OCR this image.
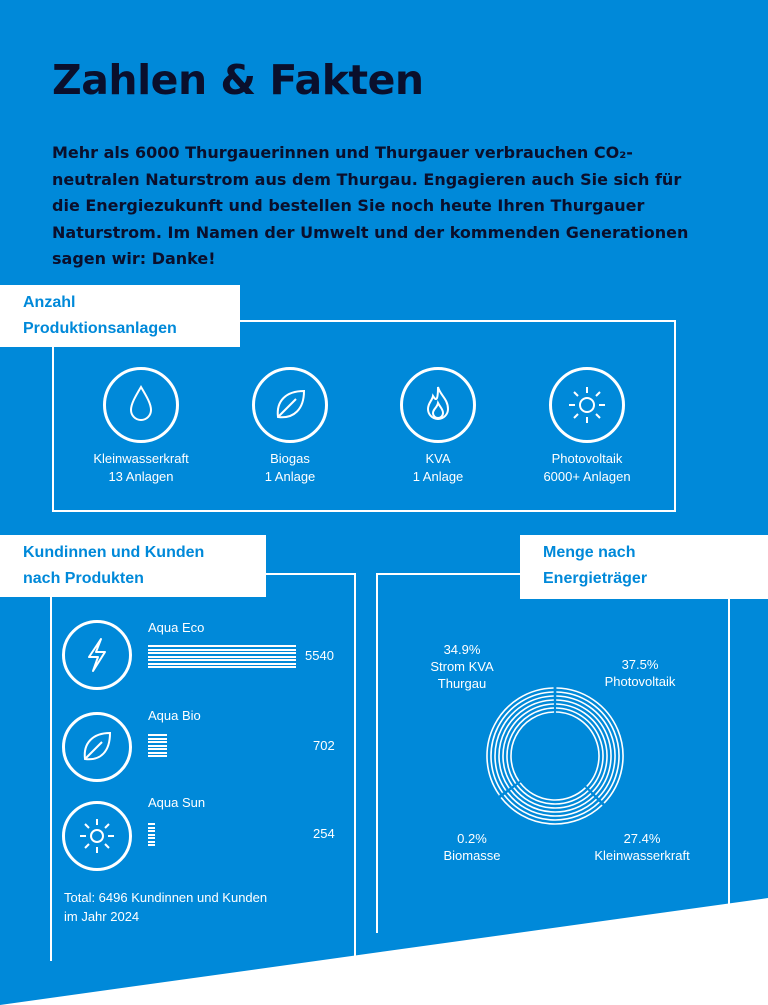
Zahlen & Fakten

Mehr als 6000 Thurgauerinnen und Thurgauer verbrauchen CO₂-neutralen Naturstrom aus dem Thurgau. Engagieren auch Sie sich für die Energiezukunft und bestellen Sie noch heute Ihren Thurgauer Naturstrom. Im Namen der Umwelt und der kommenden Generationen sagen wir: Danke!

Anzahl
Produktionsanlagen
Kleinwasserkraft
13 Anlagen
Biogas
1 Anlage
KVA
1 Anlage
Photovoltaik
6000+ Anlagen
Kundinnen und Kunden
nach Produkten
Aqua Eco
Aqua Bio
Aqua Sun
5540
702
254
Total: 6496 Kundinnen und Kunden
im Jahr 2024
Menge nach
Energieträger
34.9%
Strom KVA
Thurgau
37.5%
Photovoltaik
27.4%
Kleinwasserkraft
0.2%
Biomasse
